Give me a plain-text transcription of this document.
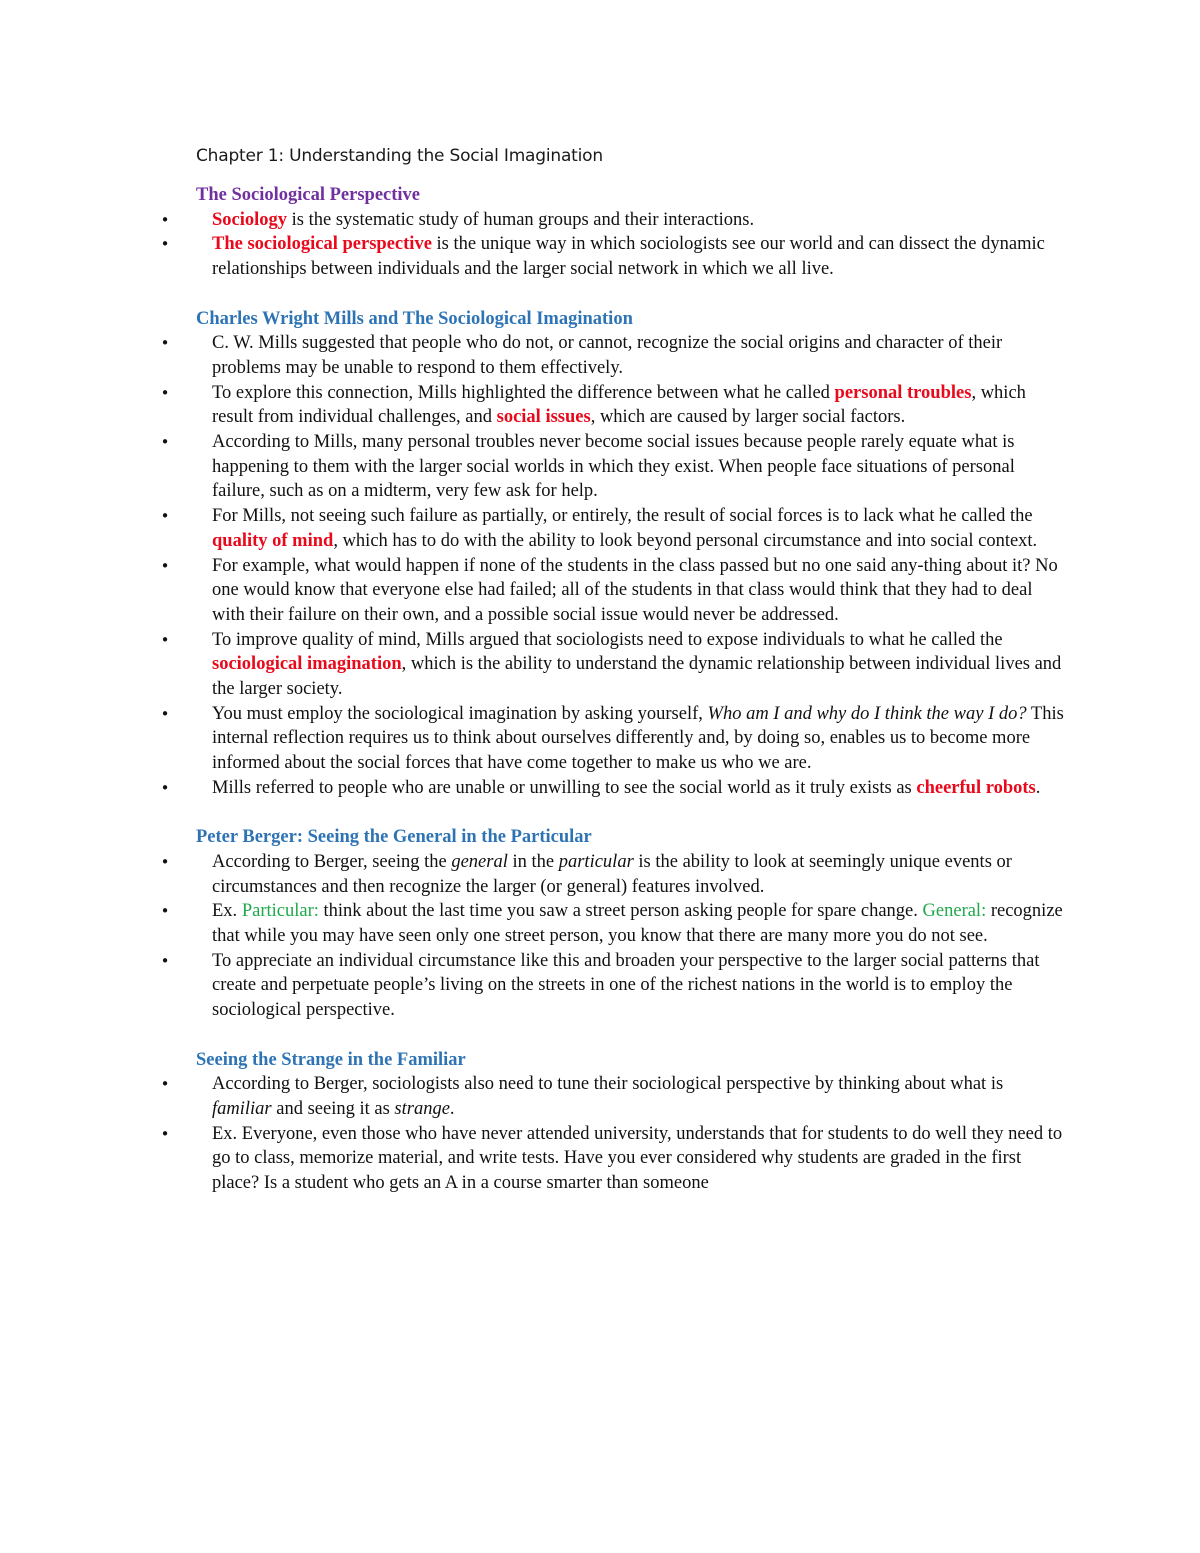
Chapter 1: Understanding the Social Imagination

The Sociological Perspective

• Sociology is the systematic study of human groups and their interactions.
• The sociological perspective is the unique way in which sociologists see our world and can dissect the dynamic relationships between individuals and the larger social network in which we all live.

Charles Wright Mills and The Sociological Imagination

• C. W. Mills suggested that people who do not, or cannot, recognize the social origins and character of their problems may be unable to respond to them effectively.
• To explore this connection, Mills highlighted the difference between what he called personal troubles, which result from individual challenges, and social issues, which are caused by larger social factors.
• According to Mills, many personal troubles never become social issues because people rarely equate what is happening to them with the larger social worlds in which they exist. When people face situations of personal failure, such as on a midterm, very few ask for help.
• For Mills, not seeing such failure as partially, or entirely, the result of social forces is to lack what he called the quality of mind, which has to do with the ability to look beyond personal circumstance and into social context.
• For example, what would happen if none of the students in the class passed but no one said any-thing about it? No one would know that everyone else had failed; all of the students in that class would think that they had to deal with their failure on their own, and a possible social issue would never be addressed.
• To improve quality of mind, Mills argued that sociologists need to expose individuals to what he called the sociological imagination, which is the ability to understand the dynamic relationship between individual lives and the larger society.
• You must employ the sociological imagination by asking yourself, Who am I and why do I think the way I do? This internal reflection requires us to think about ourselves differently and, by doing so, enables us to become more informed about the social forces that have come together to make us who we are.
• Mills referred to people who are unable or unwilling to see the social world as it truly exists as cheerful robots.

Peter Berger: Seeing the General in the Particular

• According to Berger, seeing the general in the particular is the ability to look at seemingly unique events or circumstances and then recognize the larger (or general) features involved.
• Ex. Particular: think about the last time you saw a street person asking people for spare change. General: recognize that while you may have seen only one street person, you know that there are many more you do not see.
• To appreciate an individual circumstance like this and broaden your perspective to the larger social patterns that create and perpetuate people’s living on the streets in one of the richest nations in the world is to employ the sociological perspective.

Seeing the Strange in the Familiar

• According to Berger, sociologists also need to tune their sociological perspective by thinking about what is familiar and seeing it as strange.
• Ex. Everyone, even those who have never attended university, understands that for students to do well they need to go to class, memorize material, and write tests. Have you ever considered why students are graded in the first place? Is a student who gets an A in a course smarter than someone
